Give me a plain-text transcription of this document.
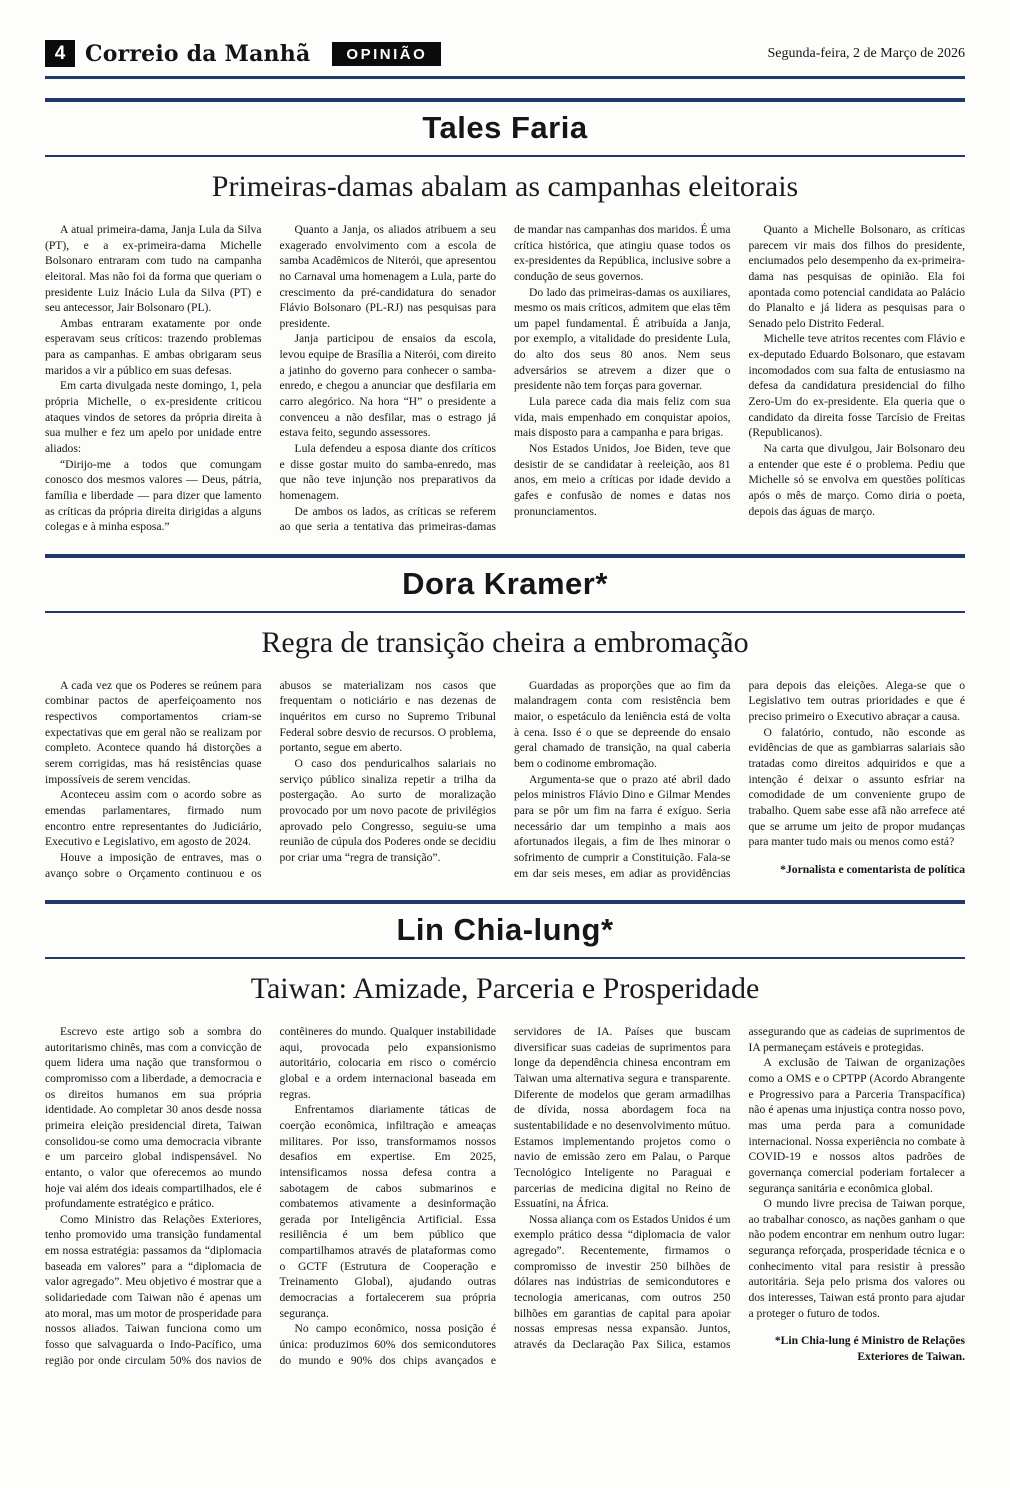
4 Correio da Manhã	OPINIÃO	Segunda-feira, 2 de Março de 2026
Tales Faria
Primeiras-damas abalam as campanhas eleitorais

A atual primeira-dama, Janja Lula da Silva (PT), e a ex-primeira-dama Michelle Bolsonaro entraram com tudo na campanha eleitoral. Mas não foi da forma que queriam o presidente Luiz Inácio Lula da Silva (PT) e seu antecessor, Jair Bolsonaro (PL).

Ambas entraram exatamente por onde esperavam seus críticos: trazendo problemas para as campanhas. E ambas obrigaram seus maridos a vir a público em suas defesas.

Em carta divulgada neste domingo, 1, pela própria Michelle, o ex-presidente criticou ataques vindos de setores da própria direita à sua mulher e fez um apelo por unidade entre aliados:

“Dirijo-me a todos que comungam conosco dos mesmos valores — Deus, pátria, família e liberdade — para dizer que lamento as críticas da própria direita dirigidas a alguns colegas e à minha esposa.”

Quanto a Janja, os aliados atribuem a seu exagerado envolvimento com a escola de samba Acadêmicos de Niterói, que apresentou no Carnaval uma homenagem a Lula, parte do crescimento da pré-candidatura do senador Flávio Bolsonaro (PL-RJ) nas pesquisas para presidente.

Janja participou de ensaios da escola, levou equipe de Brasília a Niterói, com direito a jatinho do governo para conhecer o samba-enredo, e chegou a anunciar que desfilaria em carro alegórico. Na hora “H” o presidente a convenceu a não desfilar, mas o estrago já estava feito, segundo assessores.

Lula defendeu a esposa diante dos críticos e disse gostar muito do samba-enredo, mas que não teve injunção nos preparativos da homenagem.

De ambos os lados, as críticas se referem ao que seria a tentativa das primeiras-damas de mandar nas campanhas dos maridos. É uma crítica histórica, que atingiu quase todos os ex-presidentes da República, inclusive sobre a condução de seus governos.

Do lado das primeiras-damas os auxiliares, mesmo os mais críticos, admitem que elas têm um papel fundamental. É atribuída a Janja, por exemplo, a vitalidade do presidente Lula, do alto dos seus 80 anos. Nem seus adversários se atrevem a dizer que o presidente não tem forças para governar.

Lula parece cada dia mais feliz com sua vida, mais empenhado em conquistar apoios, mais disposto para a campanha e para brigas.

Nos Estados Unidos, Joe Biden, teve que desistir de se candidatar à reeleição, aos 81 anos, em meio a críticas por idade devido a gafes e confusão de nomes e datas nos pronunciamentos.

Quanto a Michelle Bolsonaro, as críticas parecem vir mais dos filhos do presidente, enciumados pelo desempenho da ex-primeira-dama nas pesquisas de opinião. Ela foi apontada como potencial candidata ao Palácio do Planalto e já lidera as pesquisas para o Senado pelo Distrito Federal.

Michelle teve atritos recentes com Flávio e ex-deputado Eduardo Bolsonaro, que estavam incomodados com sua falta de entusiasmo na defesa da candidatura presidencial do filho Zero-Um do ex-presidente. Ela queria que o candidato da direita fosse Tarcísio de Freitas (Republicanos).

Na carta que divulgou, Jair Bolsonaro deu a entender que este é o problema. Pediu que Michelle só se envolva em questões políticas após o mês de março. Como diria o poeta, depois das águas de março.

Dora Kramer*
Regra de transição cheira a embromação

A cada vez que os Poderes se reúnem para combinar pactos de aperfeiçoamento nos respectivos comportamentos criam-se expectativas que em geral não se realizam por completo. Acontece quando há distorções a serem corrigidas, mas há resistências quase impossíveis de serem vencidas.

Aconteceu assim com o acordo sobre as emendas parlamentares, firmado num encontro entre representantes do Judiciário, Executivo e Legislativo, em agosto de 2024.

Houve a imposição de entraves, mas o avanço sobre o Orçamento continuou e os abusos se materializam nos casos que frequentam o noticiário e nas dezenas de inquéritos em curso no Supremo Tribunal Federal sobre desvio de recursos. O problema, portanto, segue em aberto.

O caso dos penduricalhos salariais no serviço público sinaliza repetir a trilha da postergação. Ao surto de moralização provocado por um novo pacote de privilégios aprovado pelo Congresso, seguiu-se uma reunião de cúpula dos Poderes onde se decidiu por criar uma “regra de transição”.

Guardadas as proporções que ao fim da malandragem conta com resistência bem maior, o espetáculo da leniência está de volta à cena. Isso é o que se depreende do ensaio geral chamado de transição, na qual caberia bem o codinome embromação.

Argumenta-se que o prazo até abril dado pelos ministros Flávio Dino e Gilmar Mendes para se pôr um fim na farra é exíguo. Seria necessário dar um tempinho a mais aos afortunados ilegais, a fim de lhes minorar o sofrimento de cumprir a Constituição. Fala-se em dar seis meses, em adiar as providências para depois das eleições. Alega-se que o Legislativo tem outras prioridades e que é preciso primeiro o Executivo abraçar a causa.

O falatório, contudo, não esconde as evidências de que as gambiarras salariais são tratadas como direitos adquiridos e que a intenção é deixar o assunto esfriar na comodidade de um conveniente grupo de trabalho. Quem sabe esse afã não arrefece até que se arrume um jeito de propor mudanças para manter tudo mais ou menos como está?

*Jornalista e comentarista de política

Lin Chia-lung*
Taiwan: Amizade, Parceria e Prosperidade

Escrevo este artigo sob a sombra do autoritarismo chinês, mas com a convicção de quem lidera uma nação que transformou o compromisso com a liberdade, a democracia e os direitos humanos em sua própria identidade. Ao completar 30 anos desde nossa primeira eleição presidencial direta, Taiwan consolidou-se como uma democracia vibrante e um parceiro global indispensável. No entanto, o valor que oferecemos ao mundo hoje vai além dos ideais compartilhados, ele é profundamente estratégico e prático.

Como Ministro das Relações Exteriores, tenho promovido uma transição fundamental em nossa estratégia: passamos da “diplomacia baseada em valores” para a “diplomacia de valor agregado”. Meu objetivo é mostrar que a solidariedade com Taiwan não é apenas um ato moral, mas um motor de prosperidade para nossos aliados. Taiwan funciona como um fosso que salvaguarda o Indo-Pacífico, uma região por onde circulam 50% dos navios de contêineres do mundo. Qualquer instabilidade aqui, provocada pelo expansionismo autoritário, colocaria em risco o comércio global e a ordem internacional baseada em regras.

Enfrentamos diariamente táticas de coerção econômica, infiltração e ameaças militares. Por isso, transformamos nossos desafios em expertise. Em 2025, intensificamos nossa defesa contra a sabotagem de cabos submarinos e combatemos ativamente a desinformação gerada por Inteligência Artificial. Essa resiliência é um bem público que compartilhamos através de plataformas como o GCTF (Estrutura de Cooperação e Treinamento Global), ajudando outras democracias a fortalecerem sua própria segurança.

No campo econômico, nossa posição é única: produzimos 60% dos semicondutores do mundo e 90% dos chips avançados e servidores de IA. Países que buscam diversificar suas cadeias de suprimentos para longe da dependência chinesa encontram em Taiwan uma alternativa segura e transparente. Diferente de modelos que geram armadilhas de dívida, nossa abordagem foca na sustentabilidade e no desenvolvimento mútuo. Estamos implementando projetos como o navio de emissão zero em Palau, o Parque Tecnológico Inteligente no Paraguai e parcerias de medicina digital no Reino de Essuatíni, na África.

Nossa aliança com os Estados Unidos é um exemplo prático dessa “diplomacia de valor agregado”. Recentemente, firmamos o compromisso de investir 250 bilhões de dólares nas indústrias de semicondutores e tecnologia americanas, com outros 250 bilhões em garantias de capital para apoiar nossas empresas nessa expansão. Juntos, através da Declaração Pax Silica, estamos assegurando que as cadeias de suprimentos de IA permaneçam estáveis e protegidas.

A exclusão de Taiwan de organizações como a OMS e o CPTPP (Acordo Abrangente e Progressivo para a Parceria Transpacífica) não é apenas uma injustiça contra nosso povo, mas uma perda para a comunidade internacional. Nossa experiência no combate à COVID-19 e nossos altos padrões de governança comercial poderiam fortalecer a segurança sanitária e econômica global.

O mundo livre precisa de Taiwan porque, ao trabalhar conosco, as nações ganham o que não podem encontrar em nenhum outro lugar: segurança reforçada, prosperidade técnica e o conhecimento vital para resistir à pressão autoritária. Seja pelo prisma dos valores ou dos interesses, Taiwan está pronto para ajudar a proteger o futuro de todos.

*Lin Chia-lung é Ministro de Relações Exteriores de Taiwan.
